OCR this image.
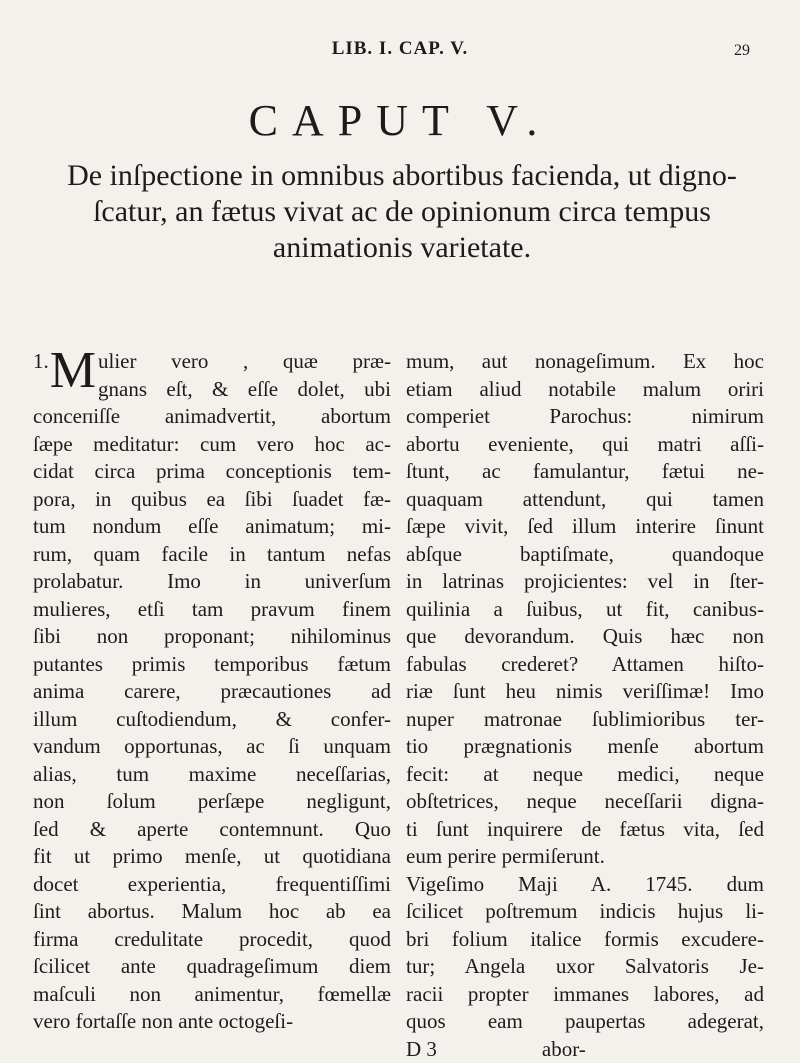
LIB. I. CAP. V.	29
CAPUT V.
De inſpectione in omnibus abortibus facienda, ut digno-
ſcatur, an fætus vivat ac de opinionum circa tempus
animationis varietate.
1. M ulier vero , quæ præ-
gnans eſt, & eſſe dolet, ubi
conceпiſſe animadvertit, abortum
ſæpe meditatur: cum vero hoc ac-
cidat circa prima conceptionis tem-
pora, in quibus ea ſibi ſuadet fæ-
tum nondum eſſe animatum; mi-
rum, quam facile in tantum nefas
prolabatur. Imo in univerſum
mulieres, etſi tam pravum finem
ſibi non proponant; nihilominus
putantes primis temporibus fætum
anima carere, præcautiones ad
illum cuſtodiendum, & confer-
vandum opportunas, ac ſi unquam
alias, tum maxime neceſſarias,
non ſolum perſæpe negligunt,
ſed & aperte contemnunt. Quo
fit ut primo menſe, ut quotidiana
docet experientia, frequentiſſimi
ſint abortus. Malum hoc ab ea
firma credulitate procedit, quod
ſcilicet ante quadrageſimum diem
maſculi non animentur, fœmellæ
vero fortaſſe non ante octogeſi-
mum, aut nonageſimum. Ex hoc
etiam aliud notabile malum oriri
comperiet Parochus: nimirum
abortu eveniente, qui matri aſſi-
ſtunt, ac famulantur, fætui ne-
quaquam attendunt, qui tamen
ſæpe vivit, ſed illum interire ſinunt
abſque baptiſmate, quandoque
in latrinas projicientes: vel in ſter-
quilinia a ſuibus, ut fit, canibus-
que devorandum. Quis hæc non
fabulas crederet? Attamen hiſto-
riæ ſunt heu nimis veriſſimæ! Imo
nuper matronae ſublimioribus ter-
tio prægnationis menſe abortum
fecit: at neque medici, neque
obſtetrices, neque neceſſarii digna-
ti ſunt inquirere de fætus vita, ſed
eum perire permiſerunt.
Vigeſimo Maji A. 1745. dum
ſcilicet poſtremum indicis hujus li-
bri folium italice formis excudere-
tur; Angela uxor Salvatoris Je-
racii propter immanes labores, ad
quos eam paupertas adegerat,
D 3                    abor-
